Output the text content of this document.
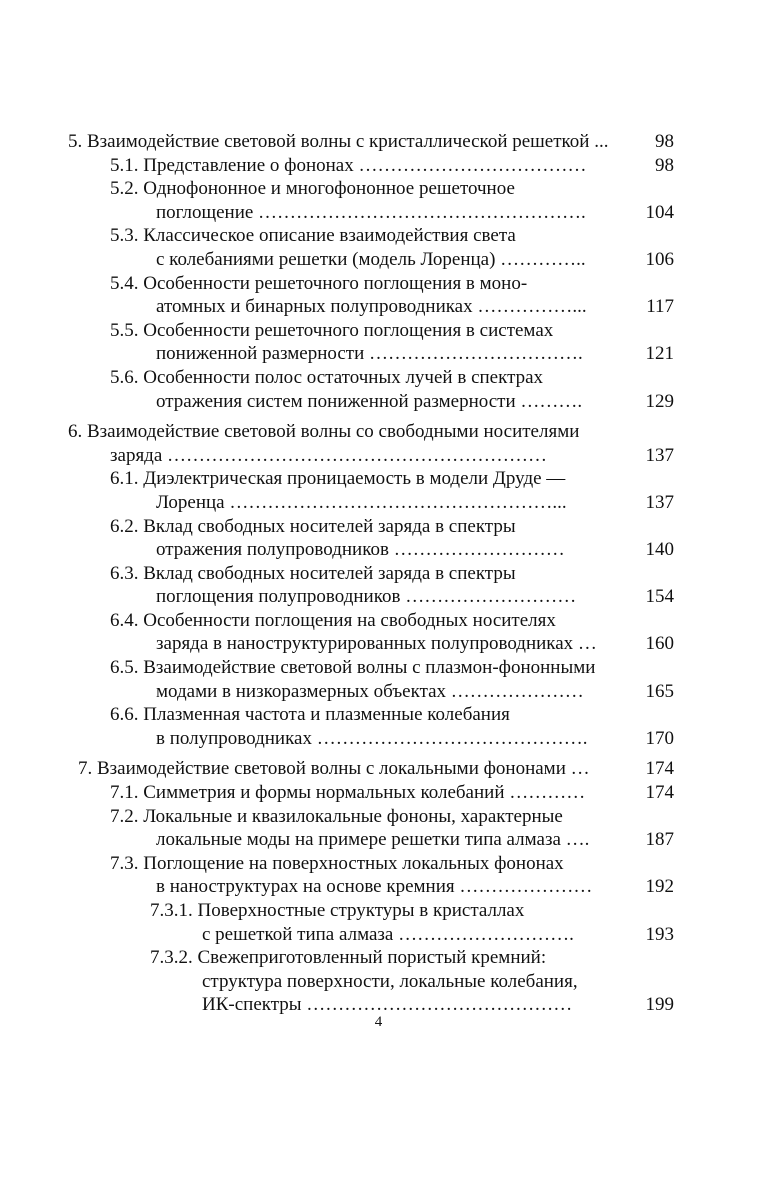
5. Взаимодействие световой волны с кристаллической решеткой ...	98
5.1. Представление о фононах ………………………………	98
5.2. Однофононное и многофононное решеточное
поглощение …………………………………………….	104
5.3. Классическое описание взаимодействия света
с колебаниями решетки (модель Лоренца) …………..	106
5.4. Особенности решеточного поглощения в моно-
атомных и бинарных полупроводниках ……………...	117
5.5. Особенности решеточного поглощения в системах
пониженной размерности …………………………….	121
5.6. Особенности полос остаточных лучей в спектрах
отражения систем пониженной размерности ……….	129
6. Взаимодействие световой волны со свободными носителями
заряда ……………………………………………………	137
6.1. Диэлектрическая проницаемость в модели Друде —
Лоренца ……………………………………………...	137
6.2. Вклад свободных носителей заряда в спектры
отражения полупроводников ………………………	140
6.3. Вклад свободных носителей заряда в спектры
поглощения полупроводников ………………………	154
6.4. Особенности поглощения на свободных носителях
заряда в наноструктурированных полупроводниках …	160
6.5. Взаимодействие световой волны с плазмон-фононными
модами в низкоразмерных объектах …………………	165
6.6. Плазменная частота и плазменные колебания
в полупроводниках …………………………………….	170
7. Взаимодействие световой волны с локальными фононами …	174
7.1. Симметрия и формы нормальных колебаний …………	174
7.2. Локальные и квазилокальные фононы, характерные
локальные моды на примере решетки типа алмаза ….	187
7.3. Поглощение на поверхностных локальных фононах
в наноструктурах на основе кремния …………………	192
7.3.1. Поверхностные структуры в кристаллах
с решеткой типа алмаза ……………………….	193
7.3.2. Свежеприготовленный пористый кремний:
структура поверхности, локальные колебания,
ИК-спектры ……………………………………	199
4
